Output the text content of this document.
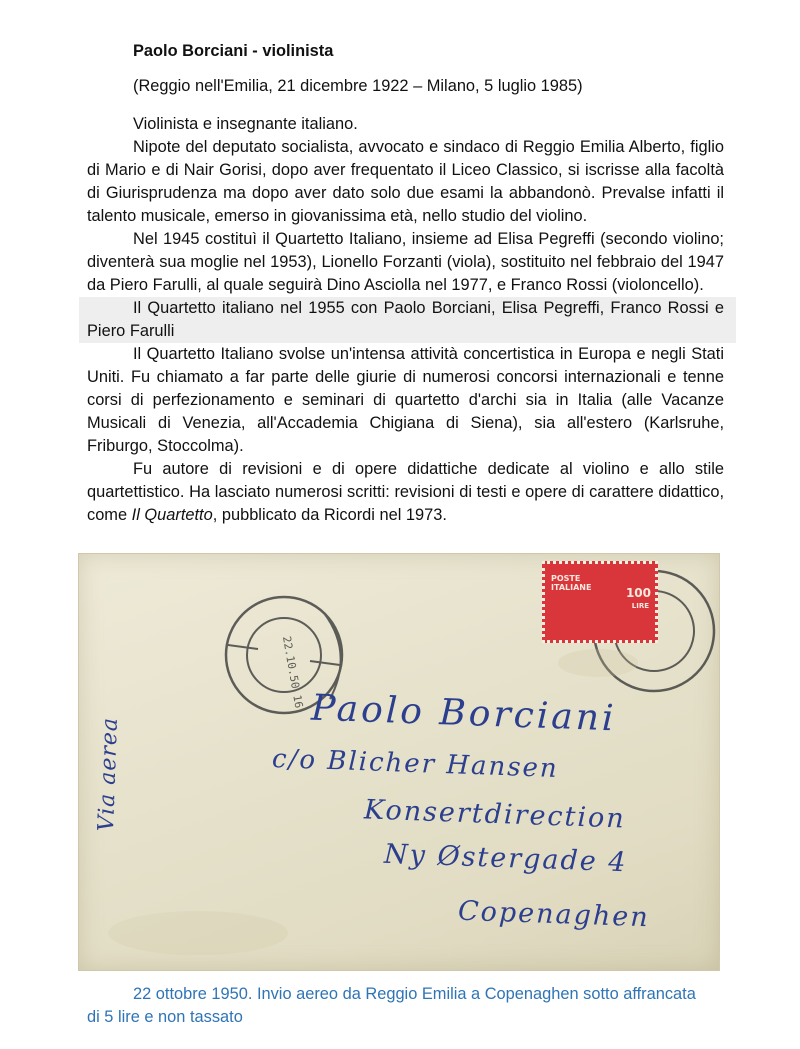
Paolo Borciani - violinista
(Reggio nell'Emilia, 21 dicembre 1922 – Milano, 5 luglio 1985)

Violinista e insegnante italiano.

Nipote del deputato socialista, avvocato e sindaco di Reggio Emilia Alberto, figlio di Mario e di Nair Gorisi, dopo aver frequentato il Liceo Classico, si iscrisse alla facoltà di Giurisprudenza ma dopo aver dato solo due esami la abbandonò. Prevalse infatti il talento musicale, emerso in giovanissima età, nello studio del violino.

Nel 1945 costituì il Quartetto Italiano, insieme ad Elisa Pegreffi (secondo violino; diventerà sua moglie nel 1953), Lionello Forzanti (viola), sostituito nel febbraio del 1947 da Piero Farulli, al quale seguirà Dino Asciolla nel 1977, e Franco Rossi (violoncello).

Il Quartetto italiano nel 1955 con Paolo Borciani, Elisa Pegreffi, Franco Rossi e Piero Farulli

Il Quartetto Italiano svolse un'intensa attività concertistica in Europa e negli Stati Uniti. Fu chiamato a far parte delle giurie di numerosi concorsi internazionali e tenne corsi di perfezionamento e seminari di quartetto d'archi sia in Italia (alle Vacanze Musicali di Venezia, all'Accademia Chigiana di Siena), sia all'estero (Karlsruhe, Friburgo, Stoccolma).

Fu autore di revisioni e di opere didattiche dedicate al violino e allo stile quartettistico. Ha lasciato numerosi scritti: revisioni di testi e opere di carattere didattico, come Il Quartetto, pubblicato da Ricordi nel 1973.

22.10.50 16
POSTE
ITALIANE	100
LIRE
Paolo Borciani
c/o Blicher Hansen
Konsertdirection
Ny Østergade 4
Copenaghen
Via aerea
22 ottobre 1950. Invio aereo da Reggio Emilia a Copenaghen sotto affrancata di 5 lire e non tassato
